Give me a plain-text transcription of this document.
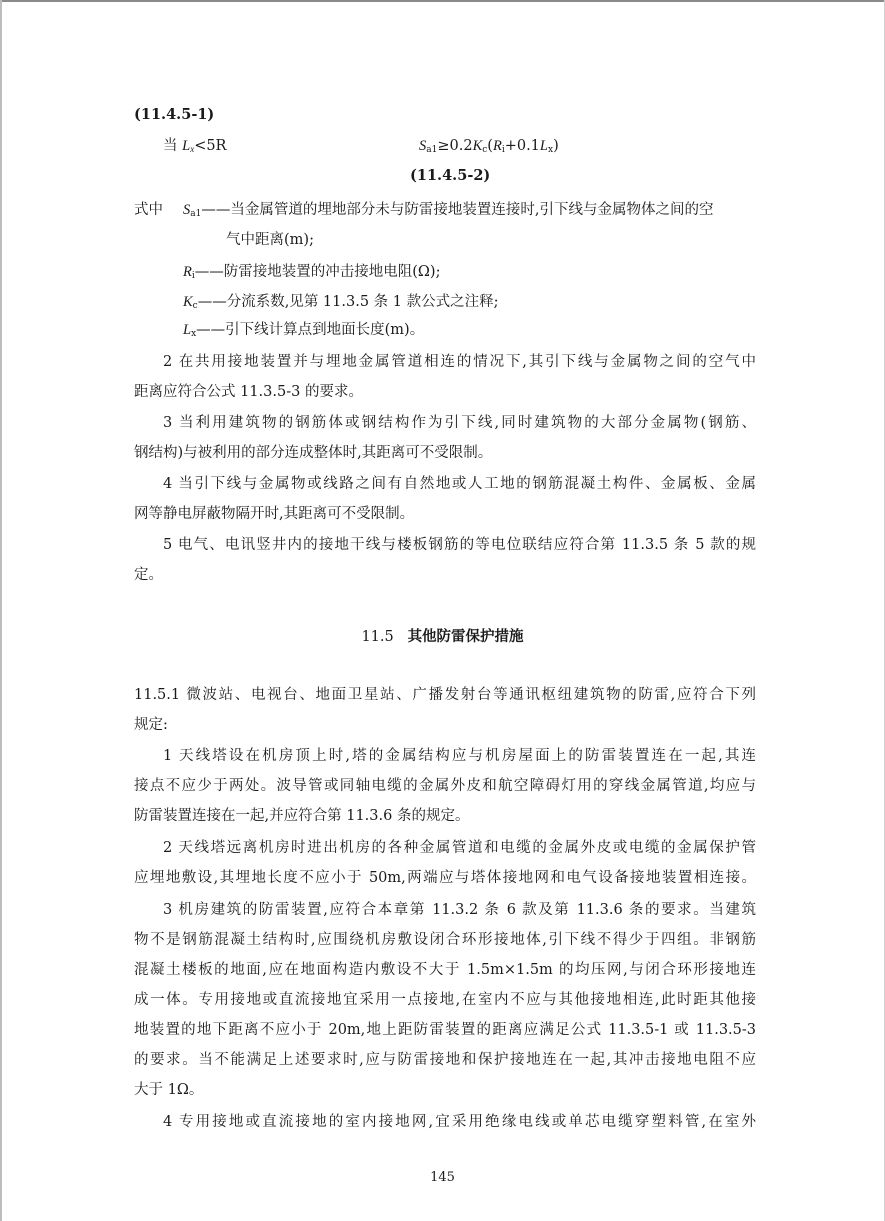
(11.4.5-1)
当 $L_x<5R$	$S_{a1}\ge 0.2K_c(R_i+0.1L_x)$
(11.4.5-2)
式中 $S_{a1}——$当金属管道的埋地部分未与防雷接地装置连接时,引下线与金属物体之间的空
气中距离(m);
$R_i——$防雷接地装置的冲击接地电阻(Ω);
$K_c——$分流系数,见第 11.3.5 条 1 款公式之注释;
$L_x——$引下线计算点到地面长度(m)。
2 在共用接地装置并与埋地金属管道相连的情况下,其引下线与金属物之间的空气中
距离应符合公式 11.3.5-3 的要求。
3 当利用建筑物的钢筋体或钢结构作为引下线,同时建筑物的大部分金属物(钢筋、
钢结构)与被利用的部分连成整体时,其距离可不受限制。
4 当引下线与金属物或线路之间有自然地或人工地的钢筋混凝土构件、金属板、金属
网等静电屏蔽物隔开时,其距离可不受限制。
5 电气、电讯竖井内的接地干线与楼板钢筋的等电位联结应符合第 11.3.5 条 5 款的规
定。
11.5 其他防雷保护措施
11.5.1 微波站、电视台、地面卫星站、广播发射台等通讯枢纽建筑物的防雷,应符合下列
规定:
1 天线塔设在机房顶上时,塔的金属结构应与机房屋面上的防雷装置连在一起,其连
接点不应少于两处。波导管或同轴电缆的金属外皮和航空障碍灯用的穿线金属管道,均应与
防雷装置连接在一起,并应符合第 11.3.6 条的规定。
2 天线塔远离机房时进出机房的各种金属管道和电缆的金属外皮或电缆的金属保护管
应埋地敷设,其埋地长度不应小于 50m,两端应与塔体接地网和电气设备接地装置相连接。
3 机房建筑的防雷装置,应符合本章第 11.3.2 条 6 款及第 11.3.6 条的要求。当建筑
物不是钢筋混凝土结构时,应围绕机房敷设闭合环形接地体,引下线不得少于四组。非钢筋
混凝土楼板的地面,应在地面构造内敷设不大于 1.5m×1.5m 的均压网,与闭合环形接地连
成一体。专用接地或直流接地宜采用一点接地,在室内不应与其他接地相连,此时距其他接
地装置的地下距离不应小于 20m,地上距防雷装置的距离应满足公式 11.3.5-1 或 11.3.5-3
的要求。当不能满足上述要求时,应与防雷接地和保护接地连在一起,其冲击接地电阻不应
大于 1Ω。
4 专用接地或直流接地的室内接地网,宜采用绝缘电线或单芯电缆穿塑料管,在室外
145
